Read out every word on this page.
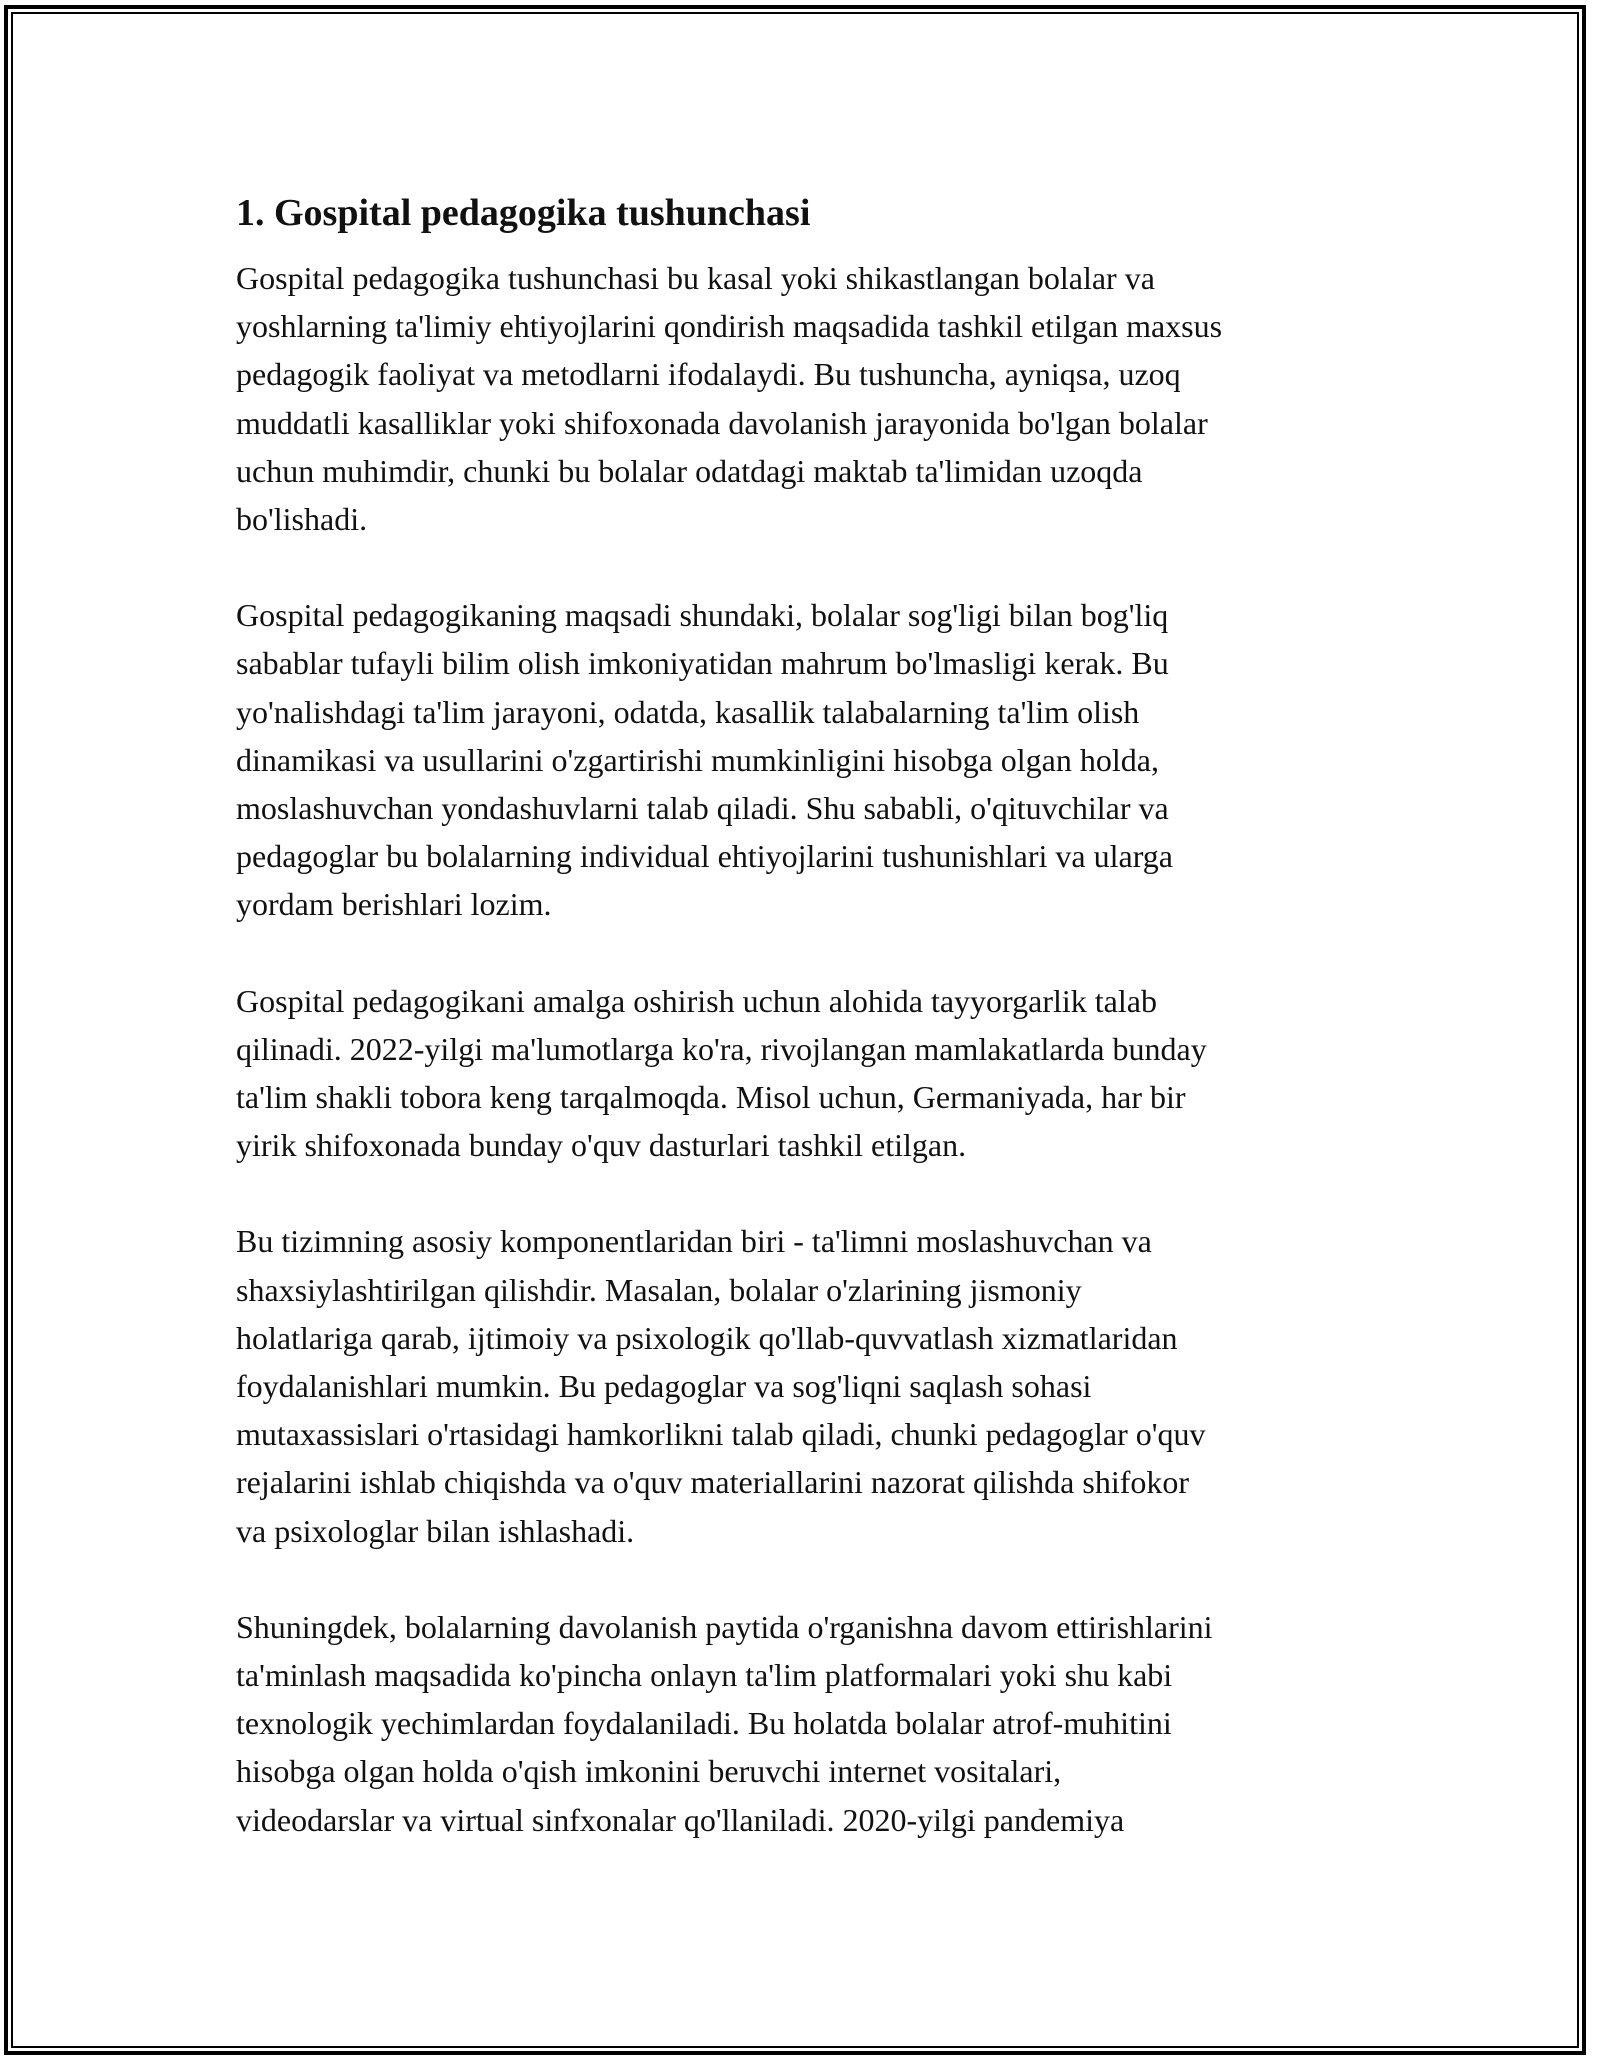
1. Gospital pedagogika tushunchasi

Gospital pedagogika tushunchasi bu kasal yoki shikastlangan bolalar va
yoshlarning ta'limiy ehtiyojlarini qondirish maqsadida tashkil etilgan maxsus
pedagogik faoliyat va metodlarni ifodalaydi. Bu tushuncha, ayniqsa, uzoq
muddatli kasalliklar yoki shifoxonada davolanish jarayonida bo'lgan bolalar
uchun muhimdir, chunki bu bolalar odatdagi maktab ta'limidan uzoqda
bo'lishadi.

Gospital pedagogikaning maqsadi shundaki, bolalar sog'ligi bilan bog'liq
sabablar tufayli bilim olish imkoniyatidan mahrum bo'lmasligi kerak. Bu
yo'nalishdagi ta'lim jarayoni, odatda, kasallik talabalarning ta'lim olish
dinamikasi va usullarini o'zgartirishi mumkinligini hisobga olgan holda,
moslashuvchan yondashuvlarni talab qiladi. Shu sababli, o'qituvchilar va
pedagoglar bu bolalarning individual ehtiyojlarini tushunishlari va ularga
yordam berishlari lozim.

Gospital pedagogikani amalga oshirish uchun alohida tayyorgarlik talab
qilinadi. 2022-yilgi ma'lumotlarga ko'ra, rivojlangan mamlakatlarda bunday
ta'lim shakli tobora keng tarqalmoqda. Misol uchun, Germaniyada, har bir
yirik shifoxonada bunday o'quv dasturlari tashkil etilgan.

Bu tizimning asosiy komponentlaridan biri - ta'limni moslashuvchan va
shaxsiylashtirilgan qilishdir. Masalan, bolalar o'zlarining jismoniy
holatlariga qarab, ijtimoiy va psixologik qo'llab-quvvatlash xizmatlaridan
foydalanishlari mumkin. Bu pedagoglar va sog'liqni saqlash sohasi
mutaxassislari o'rtasidagi hamkorlikni talab qiladi, chunki pedagoglar o'quv
rejalarini ishlab chiqishda va o'quv materiallarini nazorat qilishda shifokor
va psixologlar bilan ishlashadi.

Shuningdek, bolalarning davolanish paytida o'rganishna davom ettirishlarini
ta'minlash maqsadida ko'pincha onlayn ta'lim platformalari yoki shu kabi
texnologik yechimlardan foydalaniladi. Bu holatda bolalar atrof-muhitini
hisobga olgan holda o'qish imkonini beruvchi internet vositalari,
videodarslar va virtual sinfxonalar qo'llaniladi. 2020-yilgi pandemiya
